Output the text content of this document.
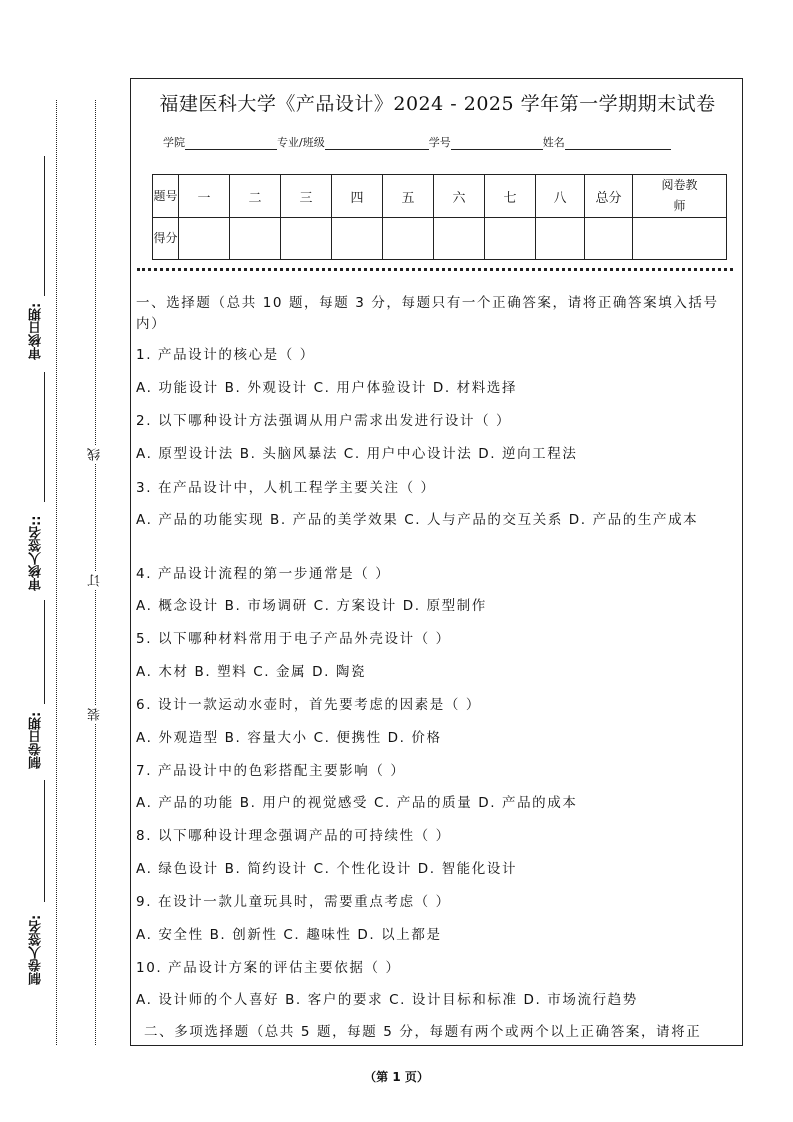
审核日期:
审核人签名::
制卷日期:
制卷人签名:
线
订
装
福建医科大学《产品设计》2024 - 2025 学年第一学期期末试卷
学院	专业/班级	学号	姓名
题号	一	二	三	四	五	六	七	八	总分	阅卷教师

得分										

一、选择题（总共 10 题，每题 3 分，每题只有一个正确答案，请将正确答案填入括号内）
1. 产品设计的核心是（ ）
A. 功能设计 B. 外观设计 C. 用户体验设计 D. 材料选择
2. 以下哪种设计方法强调从用户需求出发进行设计（ ）
A. 原型设计法 B. 头脑风暴法 C. 用户中心设计法 D. 逆向工程法
3. 在产品设计中，人机工程学主要关注（ ）
A. 产品的功能实现 B. 产品的美学效果 C. 人与产品的交互关系 D. 产品的生产成本
4. 产品设计流程的第一步通常是（ ）
A. 概念设计 B. 市场调研 C. 方案设计 D. 原型制作
5. 以下哪种材料常用于电子产品外壳设计（ ）
A. 木材 B. 塑料 C. 金属 D. 陶瓷
6. 设计一款运动水壶时，首先要考虑的因素是（ ）
A. 外观造型 B. 容量大小 C. 便携性 D. 价格
7. 产品设计中的色彩搭配主要影响（ ）
A. 产品的功能 B. 用户的视觉感受 C. 产品的质量 D. 产品的成本
8. 以下哪种设计理念强调产品的可持续性（ ）
A. 绿色设计 B. 简约设计 C. 个性化设计 D. 智能化设计
9. 在设计一款儿童玩具时，需要重点考虑（ ）
A. 安全性 B. 创新性 C. 趣味性 D. 以上都是
10. 产品设计方案的评估主要依据（ ）
A. 设计师的个人喜好 B. 客户的要求 C. 设计目标和标准 D. 市场流行趋势
二、多项选择题（总共 5 题，每题 5 分，每题有两个或两个以上正确答案，请将正
（第 1 页）
